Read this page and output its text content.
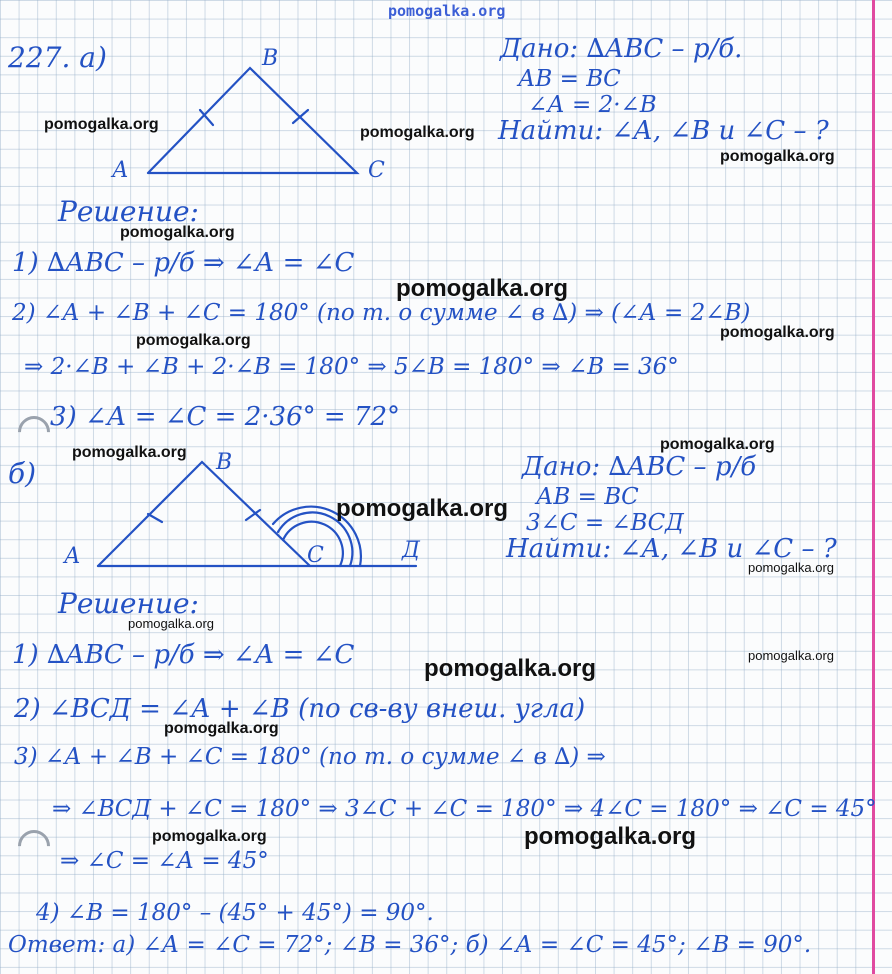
pomogalka.org
227. а)	В
А	С
Дано: ∆АВС – р/б.
АВ = ВС
∠А = 2·∠В
Найти: ∠А, ∠В и ∠С – ?
Решение:
1) ∆АВС – р/б ⇒ ∠А = ∠С
2) ∠А + ∠В + ∠С = 180° (по т. о сумме ∠ в ∆) ⇒ (∠А = 2∠В)
⇒ 2·∠В + ∠В + 2·∠В = 180° ⇒ 5∠В = 180° ⇒ ∠В = 36°
3) ∠А = ∠С = 2·36° = 72°
б)	В
А	С	Д
Дано: ∆АВС – р/б
АВ = ВС
3∠С = ∠ВСД
Найти: ∠А, ∠В и ∠С – ?
Решение:
1) ∆АВС – р/б ⇒ ∠А = ∠С
2) ∠ВСД = ∠А + ∠В (по св-ву внеш. угла)
3) ∠А + ∠В + ∠С = 180° (по т. о сумме ∠ в ∆) ⇒
⇒ ∠ВСД + ∠С = 180° ⇒ 3∠С + ∠С = 180° ⇒ 4∠С = 180° ⇒ ∠С = 45°
⇒ ∠С = ∠А = 45°
4) ∠В = 180° – (45° + 45°) = 90°.
Ответ: а) ∠А = ∠С = 72°; ∠В = 36°; б) ∠А = ∠С = 45°; ∠В = 90°.
pomogalka.org	pomogalka.org
pomogalka.org
pomogalka.org
pomogalka.org
pomogalka.org	pomogalka.org
pomogalka.org
pomogalka.org
pomogalka.org
pomogalka.org
pomogalka.org
pomogalka.org
pomogalka.org
pomogalka.org
pomogalka.org	pomogalka.org
